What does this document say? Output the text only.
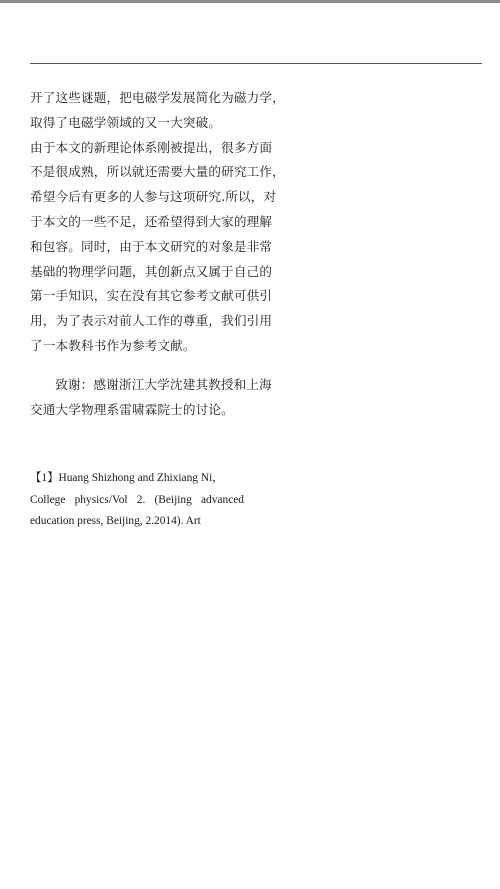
开了这些谜题，把电磁学发展简化为磁力学，
取得了电磁学领域的又一大突破。

由于本文的新理论体系刚被提出，很多方面
不是很成熟，所以就还需要大量的研究工作，
希望今后有更多的人参与这项研究.所以，对
于本文的一些不足，还希望得到大家的理解
和包容。同时，由于本文研究的对象是非常
基础的物理学问题，其创新点又属于自己的
第一手知识，实在没有其它参考文献可供引
用，为了表示对前人工作的尊重，我们引用
了一本教科书作为参考文献。

致谢：感谢浙江大学沈建其教授和上海
交通大学物理系雷啸霖院士的讨论。

【1】Huang Shizhong and Zhixiang Ni，
College physics/Vol 2. (Beijing advanced
education press, Beijing, 2.2014). Art
